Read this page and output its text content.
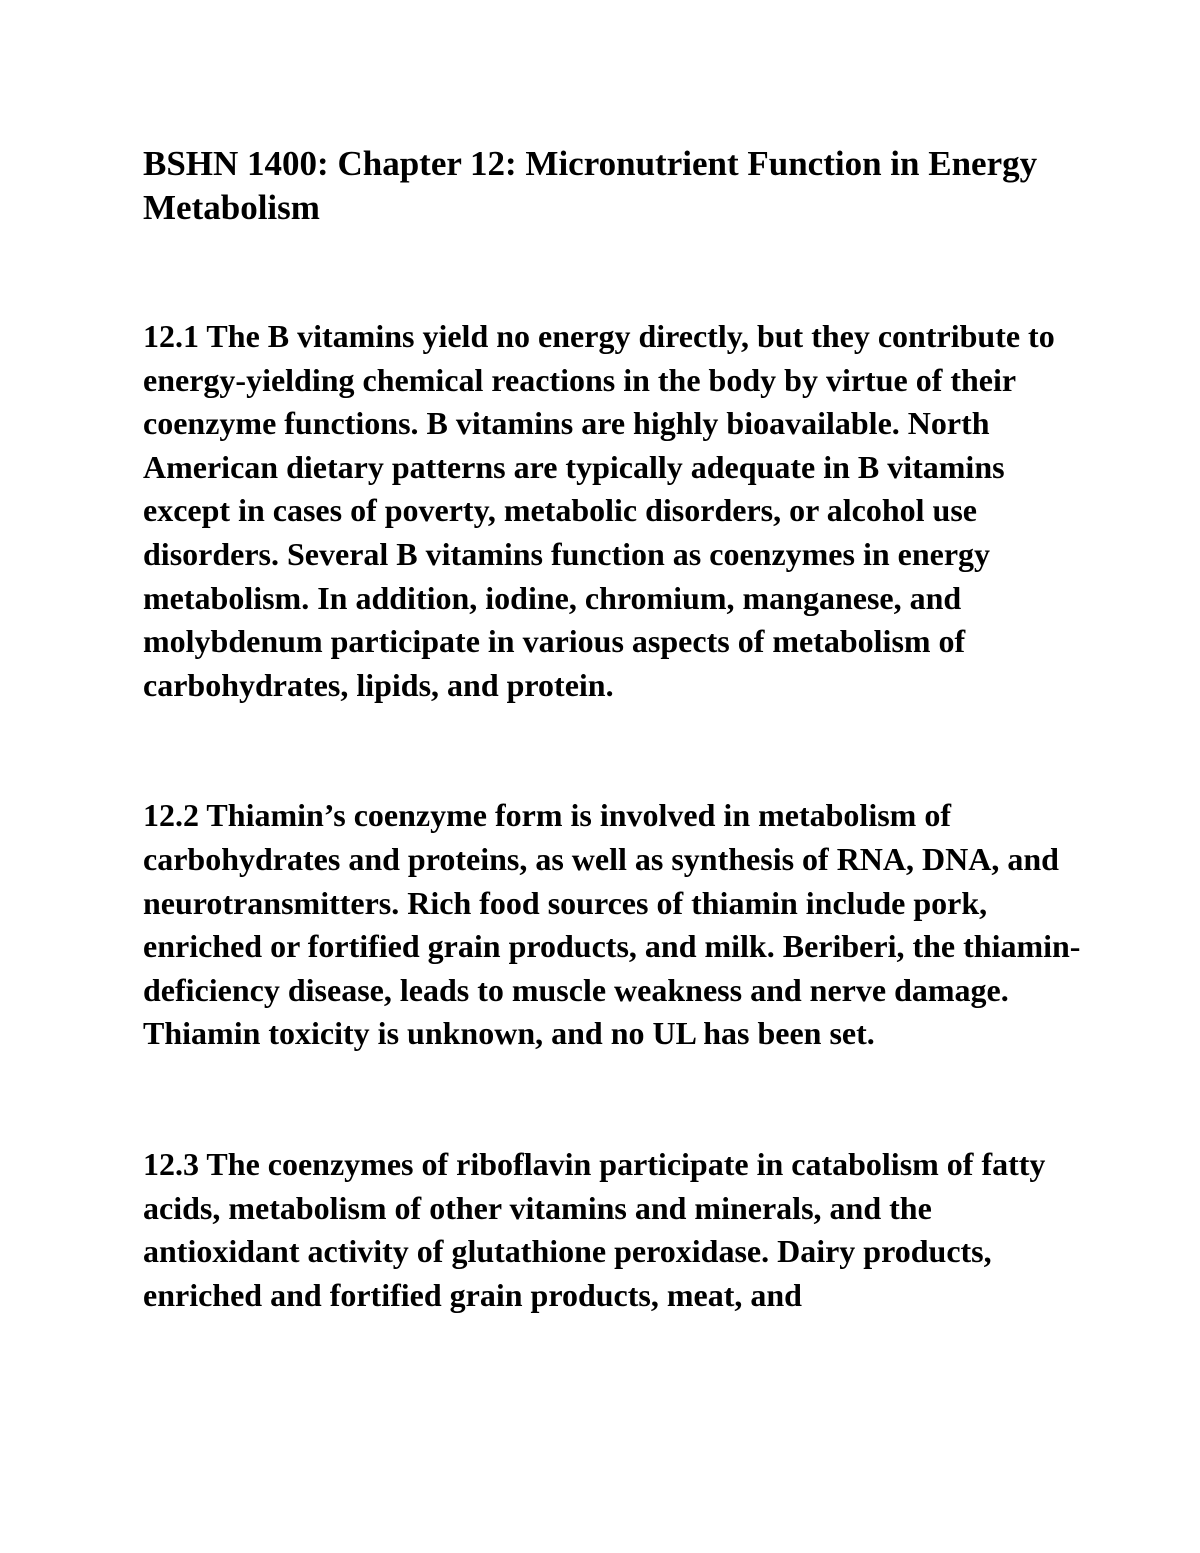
BSHN 1400: Chapter 12: Micronutrient Function in Energy Metabolism

12.1 The B vitamins yield no energy directly, but they contribute to energy-yielding chemical reactions in the body by virtue of their coenzyme functions. B vitamins are highly bioavailable. North American dietary patterns are typically adequate in B vitamins except in cases of poverty, metabolic disorders, or alcohol use disorders. Several B vitamins function as coenzymes in energy metabolism. In addition, iodine, chromium, manganese, and molybdenum participate in various aspects of metabolism of carbohydrates, lipids, and protein.

12.2 Thiamin’s coenzyme form is involved in metabolism of carbohydrates and proteins, as well as synthesis of RNA, DNA, and neurotransmitters. Rich food sources of thiamin include pork, enriched or fortified grain products, and milk. Beriberi, the thiamin-deficiency disease, leads to muscle weakness and nerve damage. Thiamin toxicity is unknown, and no UL has been set.

12.3 The coenzymes of riboflavin participate in catabolism of fatty acids, metabolism of other vitamins and minerals, and the antioxidant activity of glutathione peroxidase. Dairy products, enriched and fortified grain products, meat, and
